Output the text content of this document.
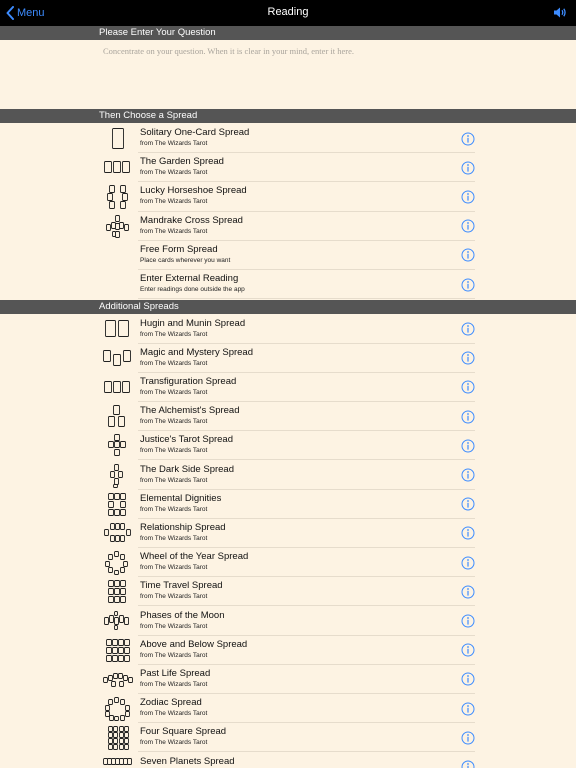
Menu	Reading
Please Enter Your Question
Concentrate on your question. When it is clear in your mind, enter it here.
Then Choose a Spread
Solitary One-Card Spread
from The Wizards Tarot
The Garden Spread
from The Wizards Tarot
Lucky Horseshoe Spread
from The Wizards Tarot
Mandrake Cross Spread
from The Wizards Tarot
Free Form Spread
Place cards wherever you want
Enter External Reading
Enter readings done outside the app
Additional Spreads
Hugin and Munin Spread
from The Wizards Tarot
Magic and Mystery Spread
from The Wizards Tarot
Transfiguration Spread
from The Wizards Tarot
The Alchemist's Spread
from The Wizards Tarot
Justice's Tarot Spread
from The Wizards Tarot
The Dark Side Spread
from The Wizards Tarot
Elemental Dignities
from The Wizards Tarot
Relationship Spread
from The Wizards Tarot
Wheel of the Year Spread
from The Wizards Tarot
Time Travel Spread
from The Wizards Tarot
Phases of the Moon
from The Wizards Tarot
Above and Below Spread
from The Wizards Tarot
Past Life Spread
from The Wizards Tarot
Zodiac Spread
from The Wizards Tarot
Four Square Spread
from The Wizards Tarot
Seven Planets Spread
